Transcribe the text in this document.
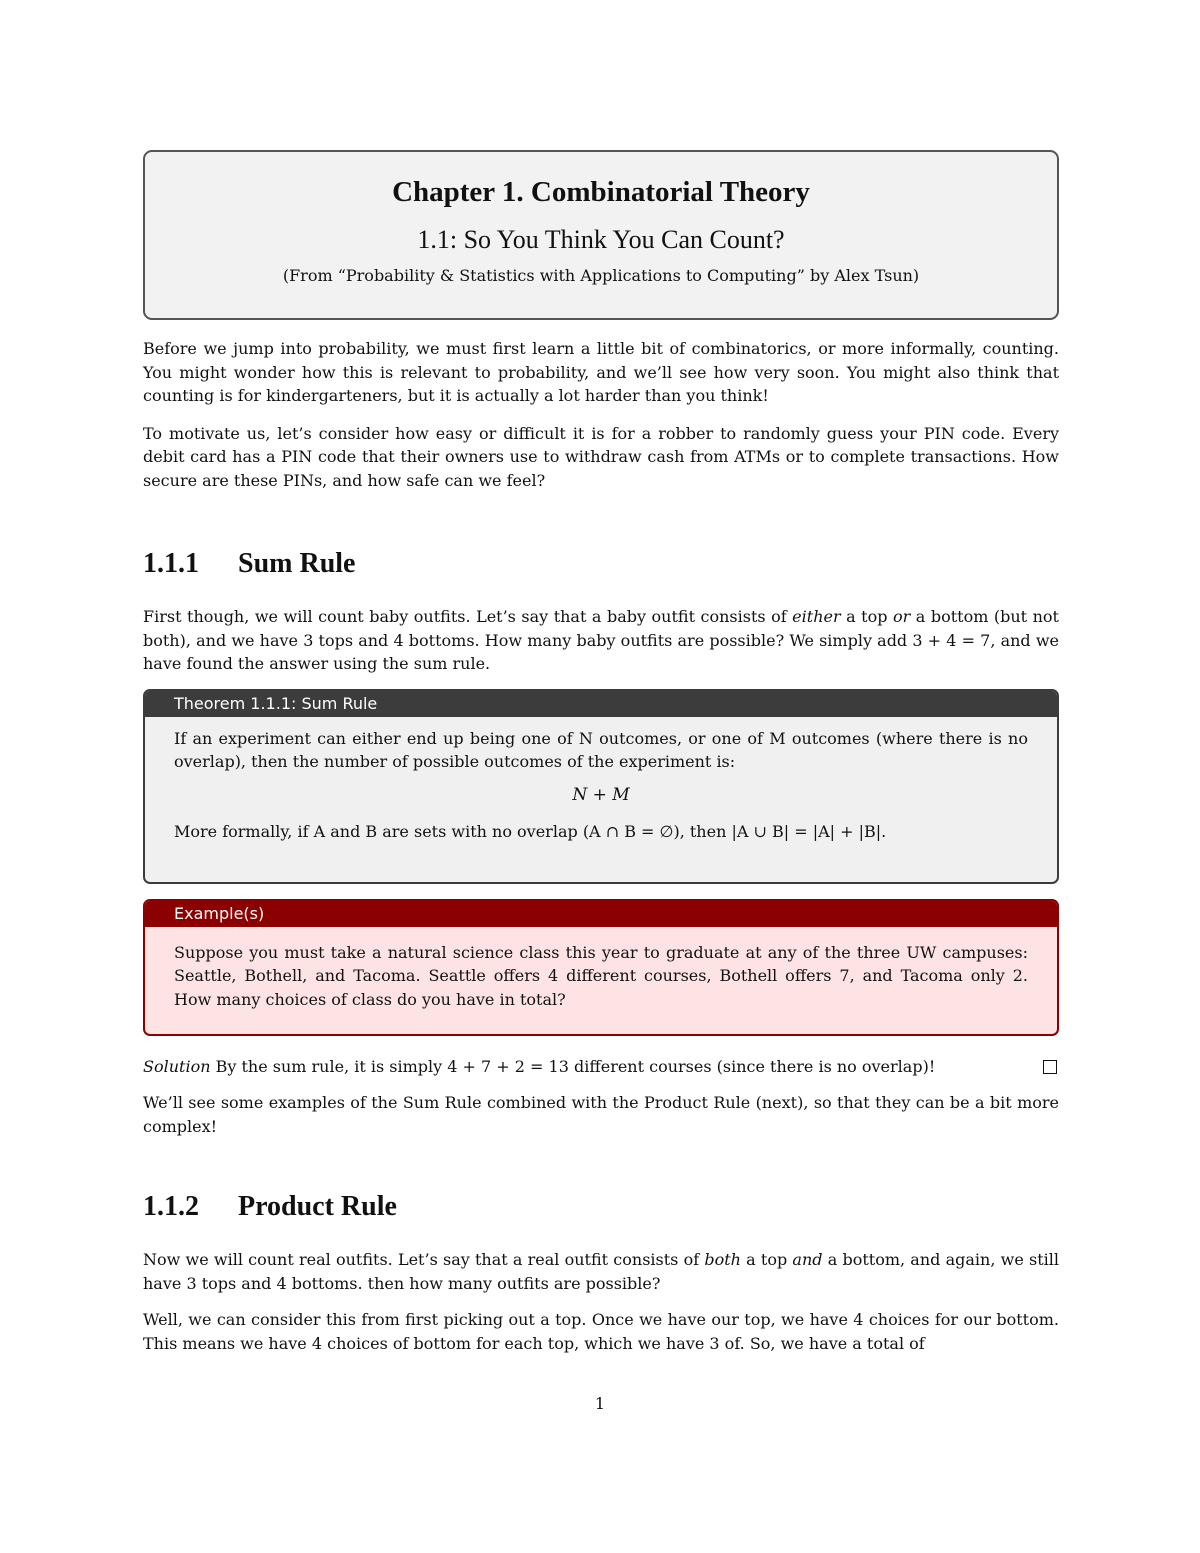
Chapter 1. Combinatorial Theory
1.1: So You Think You Can Count?
(From “Probability & Statistics with Applications to Computing” by Alex Tsun)

Before we jump into probability, we must first learn a little bit of combinatorics, or more informally, counting. You might wonder how this is relevant to probability, and we’ll see how very soon. You might also think that counting is for kindergarteners, but it is actually a lot harder than you think!

To motivate us, let’s consider how easy or difficult it is for a robber to randomly guess your PIN code. Every debit card has a PIN code that their owners use to withdraw cash from ATMs or to complete transactions. How secure are these PINs, and how safe can we feel?

1.1.1 Sum Rule

First though, we will count baby outfits. Let’s say that a baby outfit consists of either a top or a bottom (but not both), and we have 3 tops and 4 bottoms. How many baby outfits are possible? We simply add 3 + 4 = 7, and we have found the answer using the sum rule.

Theorem 1.1.1: Sum Rule

If an experiment can either end up being one of N outcomes, or one of M outcomes (where there is no overlap), then the number of possible outcomes of the experiment is:

N + M

More formally, if A and B are sets with no overlap (A ∩ B = ∅), then |A ∪ B| = |A| + |B|.

Example(s)

Suppose you must take a natural science class this year to graduate at any of the three UW campuses: Seattle, Bothell, and Tacoma. Seattle offers 4 different courses, Bothell offers 7, and Tacoma only 2. How many choices of class do you have in total?

Solution By the sum rule, it is simply 4 + 7 + 2 = 13 different courses (since there is no overlap)!

We’ll see some examples of the Sum Rule combined with the Product Rule (next), so that they can be a bit more complex!

1.1.2 Product Rule

Now we will count real outfits. Let’s say that a real outfit consists of both a top and a bottom, and again, we still have 3 tops and 4 bottoms. then how many outfits are possible?

Well, we can consider this from first picking out a top. Once we have our top, we have 4 choices for our bottom. This means we have 4 choices of bottom for each top, which we have 3 of. So, we have a total of

1
